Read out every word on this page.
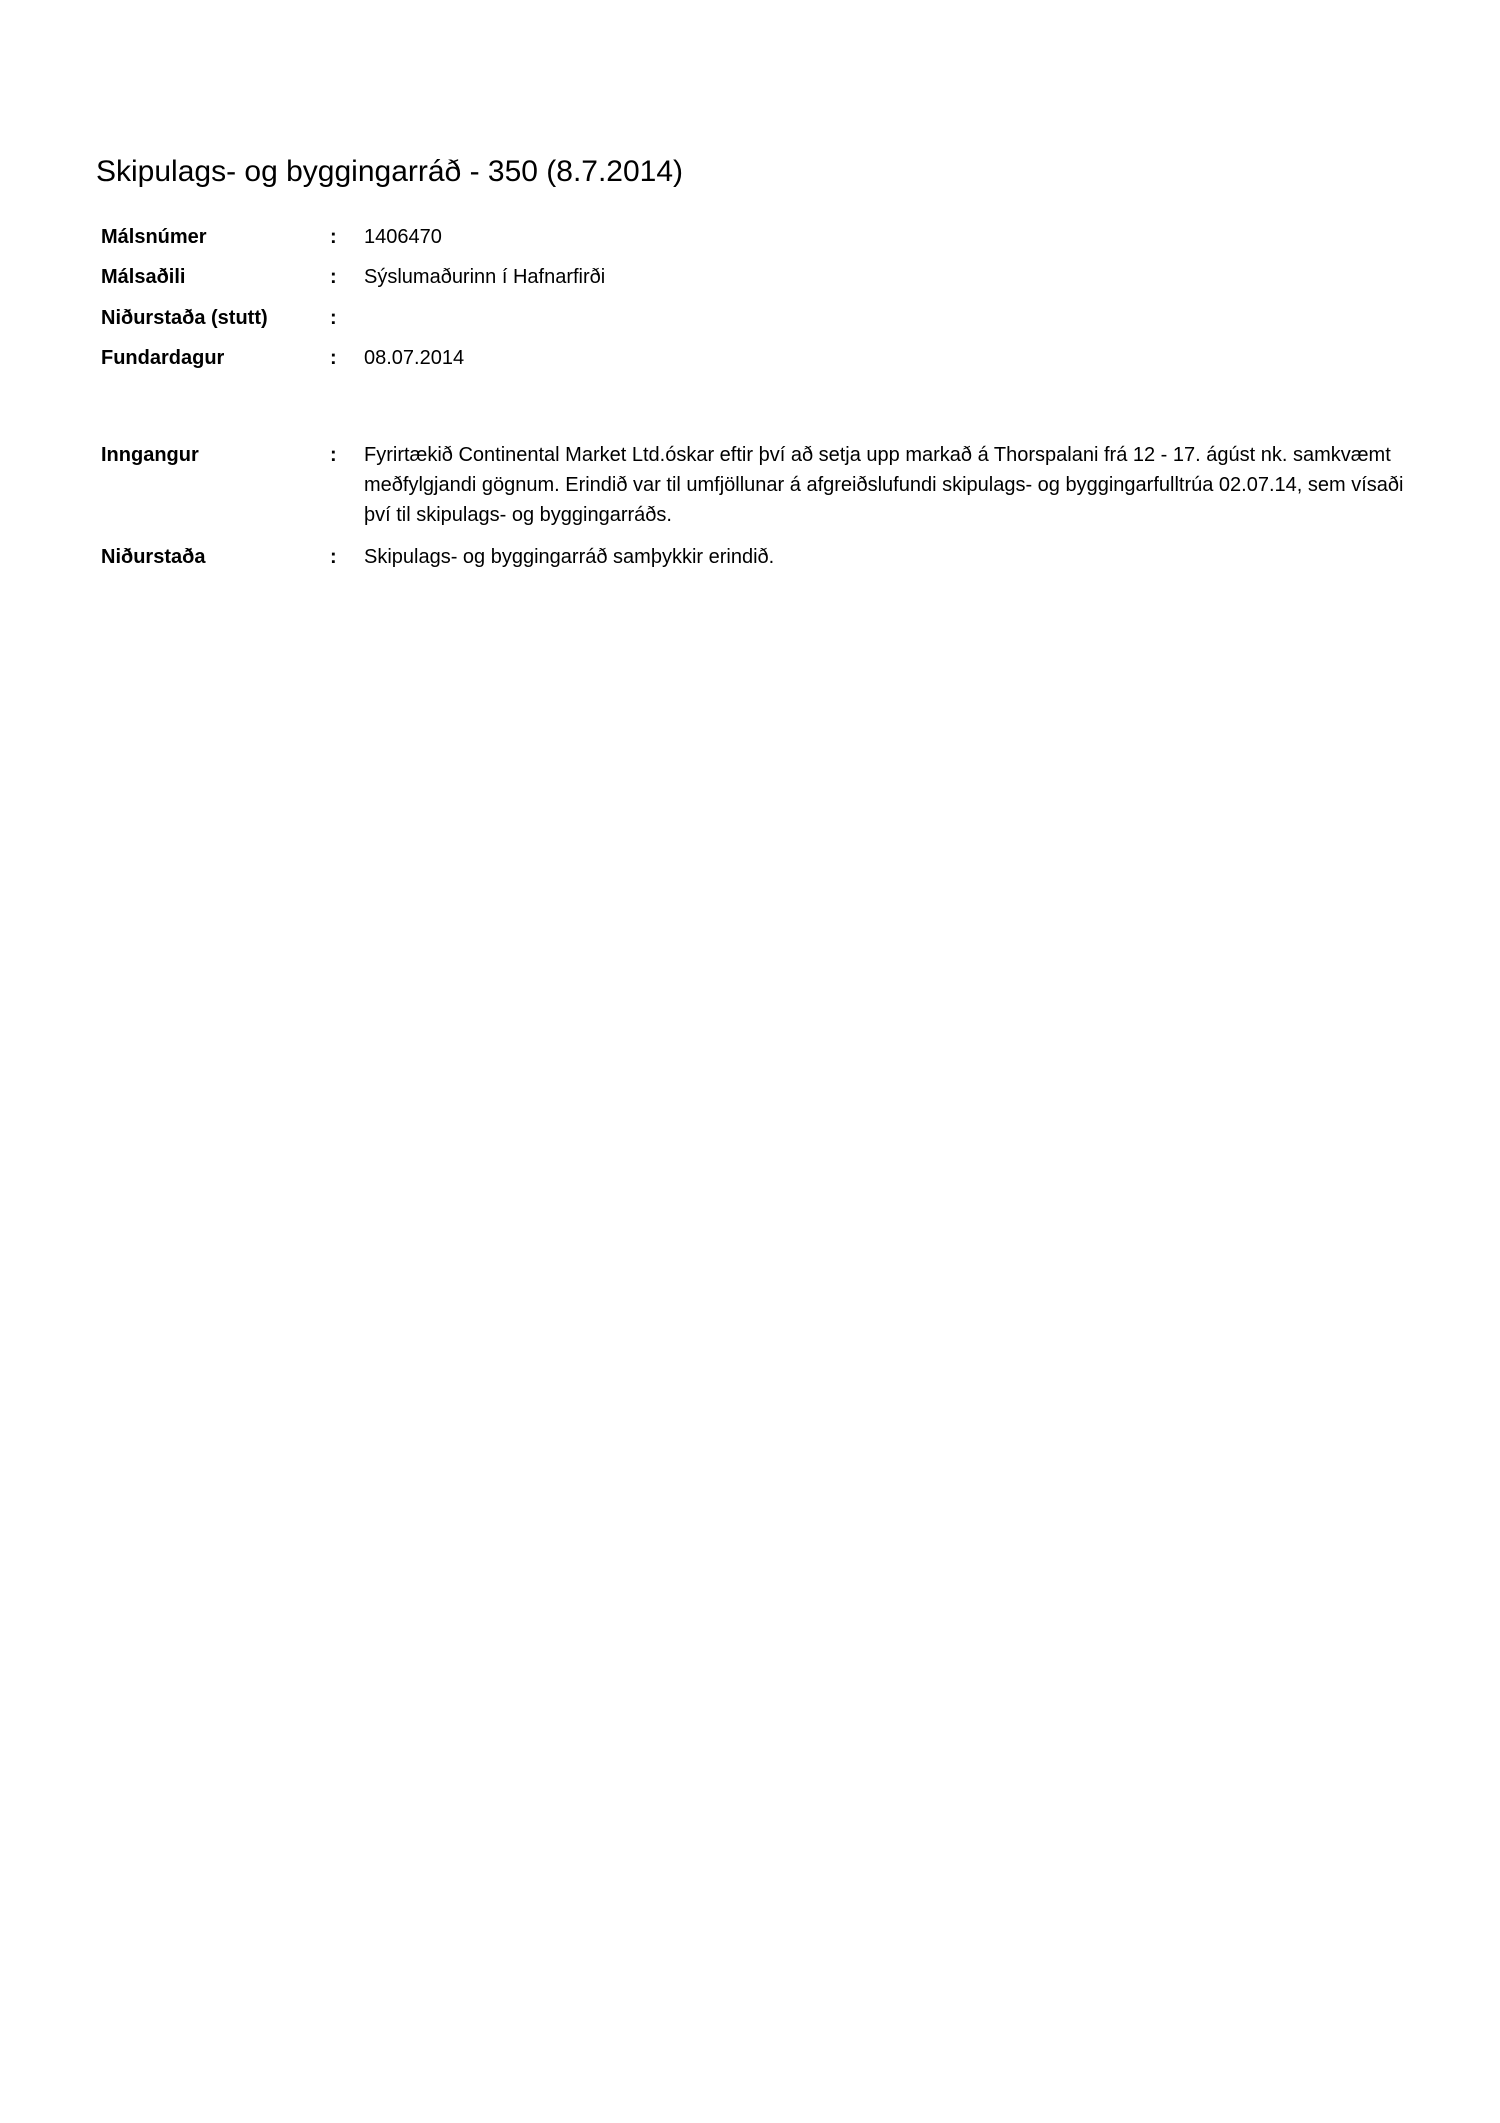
Skipulags- og byggingarráð - 350 (8.7.2014)
Málsnúmer	: 1406470
Málsaðili	: Sýslumaðurinn í Hafnarfirði
Niðurstaða (stutt)	:
Fundardagur	: 08.07.2014
Inngangur	: Fyrirtækið Continental Market Ltd.óskar eftir því að setja upp markað á Thorspalani frá 12 - 17. ágúst nk. samkvæmt meðfylgjandi gögnum. Erindið var til umfjöllunar á afgreiðslufundi skipulags- og byggingarfulltrúa 02.07.14, sem vísaði því til skipulags- og byggingarráðs.
Niðurstaða	: Skipulags- og byggingarráð samþykkir erindið.
